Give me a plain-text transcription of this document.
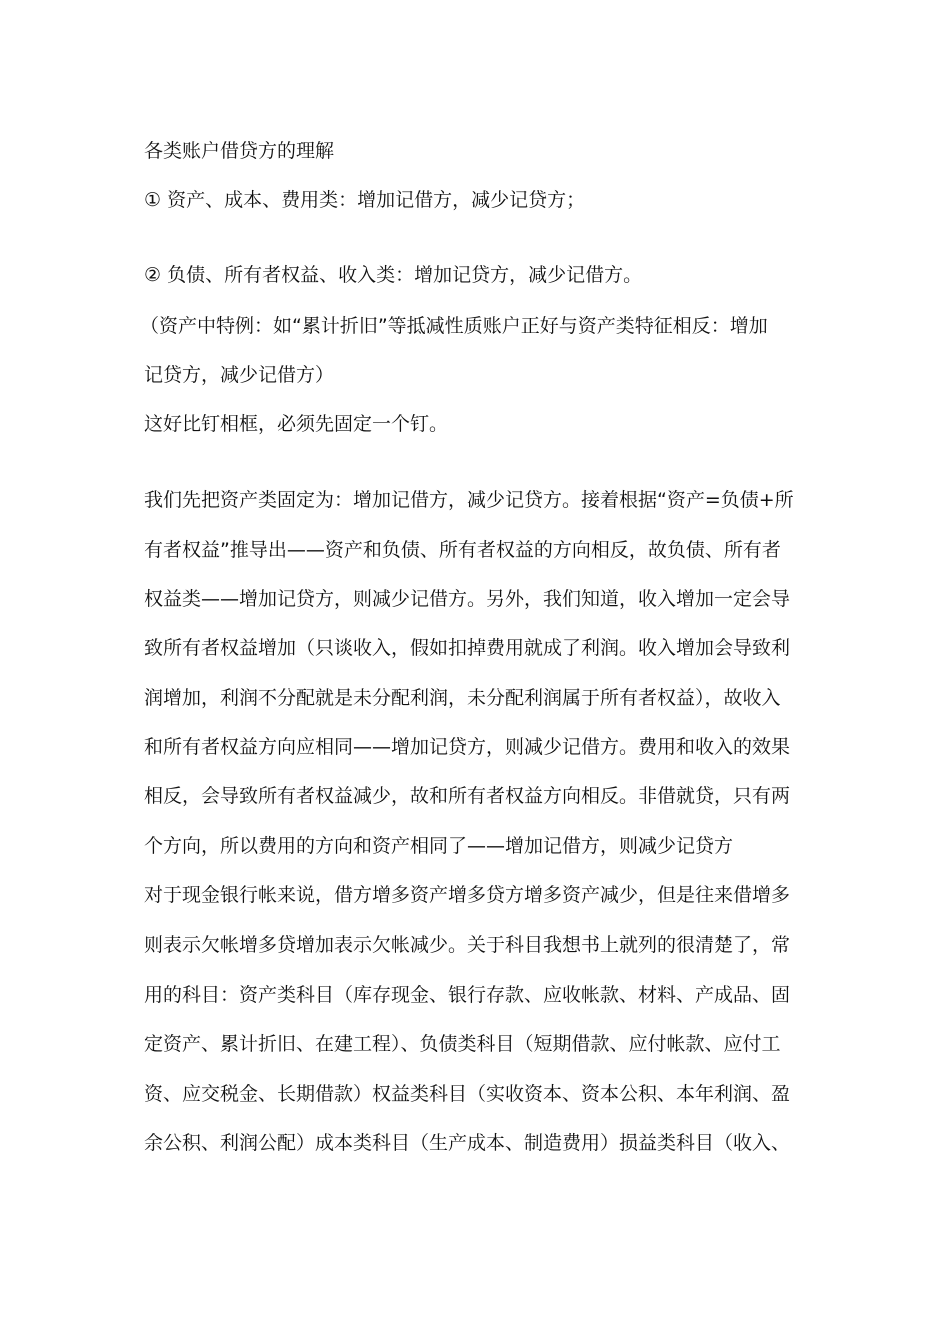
各类账户借贷方的理解
① 资产、成本、费用类：增加记借方，减少记贷方；
② 负债、所有者权益、收入类：增加记贷方，减少记借方。
（资产中特例：如“累计折旧”等抵减性质账户正好与资产类特征相反：增加
记贷方，减少记借方）
这好比钉相框，必须先固定一个钉。
我们先把资产类固定为：增加记借方，减少记贷方。接着根据“资产=负债+所
有者权益”推导出——资产和负债、所有者权益的方向相反，故负债、所有者
权益类——增加记贷方，则减少记借方。另外，我们知道，收入增加一定会导
致所有者权益增加（只谈收入，假如扣掉费用就成了利润。收入增加会导致利
润增加，利润不分配就是未分配利润，未分配利润属于所有者权益），故收入
和所有者权益方向应相同——增加记贷方，则减少记借方。费用和收入的效果
相反，会导致所有者权益减少，故和所有者权益方向相反。非借就贷，只有两
个方向，所以费用的方向和资产相同了——增加记借方，则减少记贷方
对于现金银行帐来说，借方增多资产增多贷方增多资产减少，但是往来借增多
则表示欠帐增多贷增加表示欠帐减少。关于科目我想书上就列的很清楚了，常
用的科目：资产类科目（库存现金、银行存款、应收帐款、材料、产成品、固
定资产、累计折旧、在建工程）、负债类科目（短期借款、应付帐款、应付工
资、应交税金、长期借款）权益类科目（实收资本、资本公积、本年利润、盈
余公积、利润公配）成本类科目（生产成本、制造费用）损益类科目（收入、
